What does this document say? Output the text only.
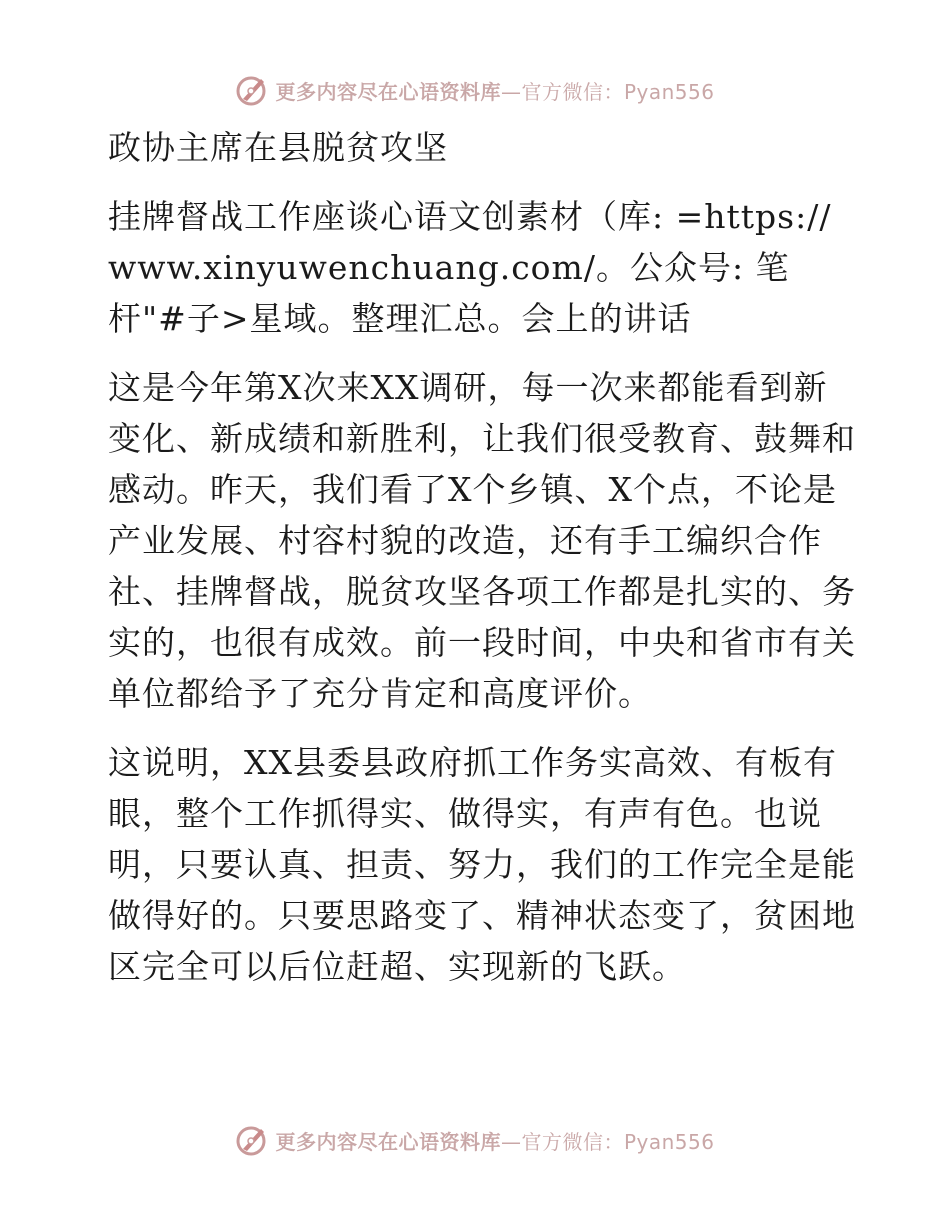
更多内容尽在心语资料库—官方微信：Pyan556

政协主席在县脱贫攻坚

挂牌督战工作座谈心语文创素材（库: =https://www.xinyuwenchuang.com/。公众号: 笔杆"#子>星域。整理汇总。会上的讲话

这是今年第X次来XX调研，每一次来都能看到新变化、新成绩和新胜利，让我们很受教育、鼓舞和感动。昨天，我们看了X个乡镇、X个点，不论是产业发展、村容村貌的改造，还有手工编织合作社、挂牌督战，脱贫攻坚各项工作都是扎实的、务实的，也很有成效。前一段时间，中央和省市有关单位都给予了充分肯定和高度评价。

这说明，XX县委县政府抓工作务实高效、有板有眼，整个工作抓得实、做得实，有声有色。也说明，只要认真、担责、努力，我们的工作完全是能做得好的。只要思路变了、精神状态变了，贫困地区完全可以后位赶超、实现新的飞跃。

更多内容尽在心语资料库—官方微信：Pyan556
